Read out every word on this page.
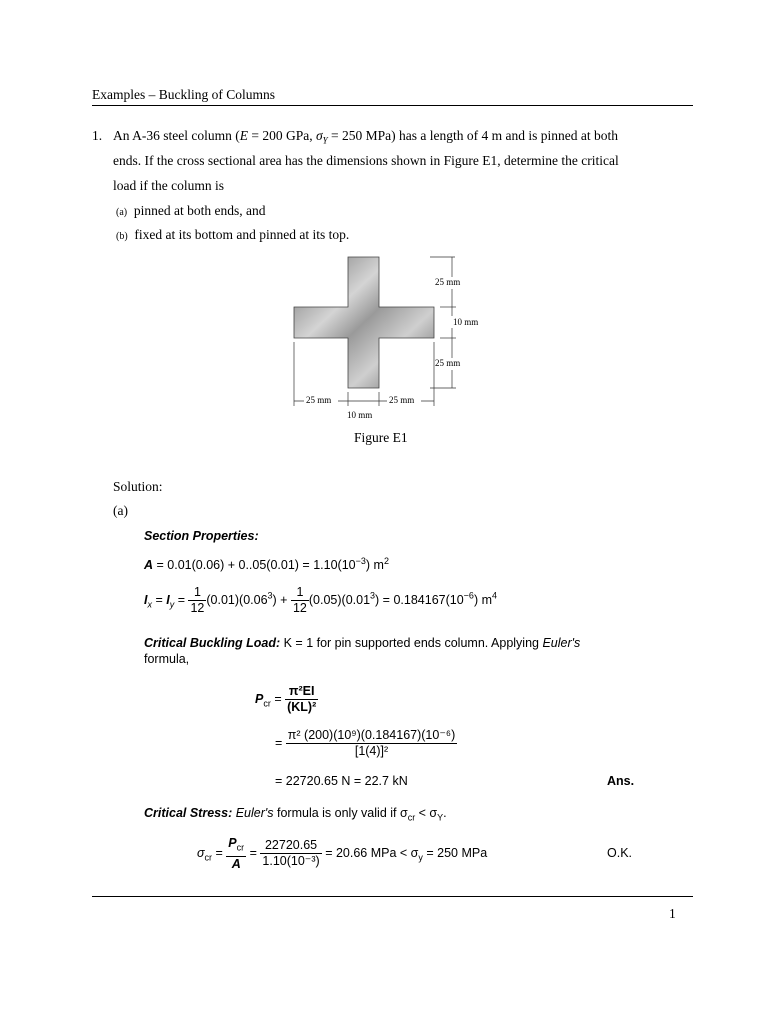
Examples – Buckling of Columns
1. An A-36 steel column (E = 200 GPa, $\sigma_Y = 250$ MPa) has a length of 4 m and is pinned at both
ends. If the cross sectional area has the dimensions shown in Figure E1, determine the critical
load if the column is
(a) pinned at both ends, and
(b) fixed at its bottom and pinned at its top.
25 mm
10 mm
25 mm
25 mm	25 mm
10 mm
Figure E1
Solution:
(a)
Section Properties:
$A = 0.01(0.06) + 0..05(0.01) = 1.10(10^{-3})$ $m^2$
$I_x = I_y = \frac{1}{12} (0.01)(0.06^3) + \frac{1}{12} (0.05)(0.01^3) = 0.184167(10^{-6})$ $m^4$
Critical Buckling Load: K = 1 for pin supported ends column. Applying Euler's
formula,
$P_{cr} = \frac{\text{π²EI}}{\text{(KL)²}}$
= $\frac{\text{π² (200)(10⁹)(0.184167)(10⁻⁶)}}{\text{[1(4)]²}}$
= 22720.65 N = 22.7 kN	Ans.
Critical Stress: Euler's formula is only valid if $\sigma_{cr} < \sigma_Y$.
$\sigma_{cr} = \frac{P_{cr}}{A} = \frac{22720.65}{\text{1.10(10⁻³)}} = 20.66$ MPa < $\sigma_y = 250$ MPa	O.K.
1
